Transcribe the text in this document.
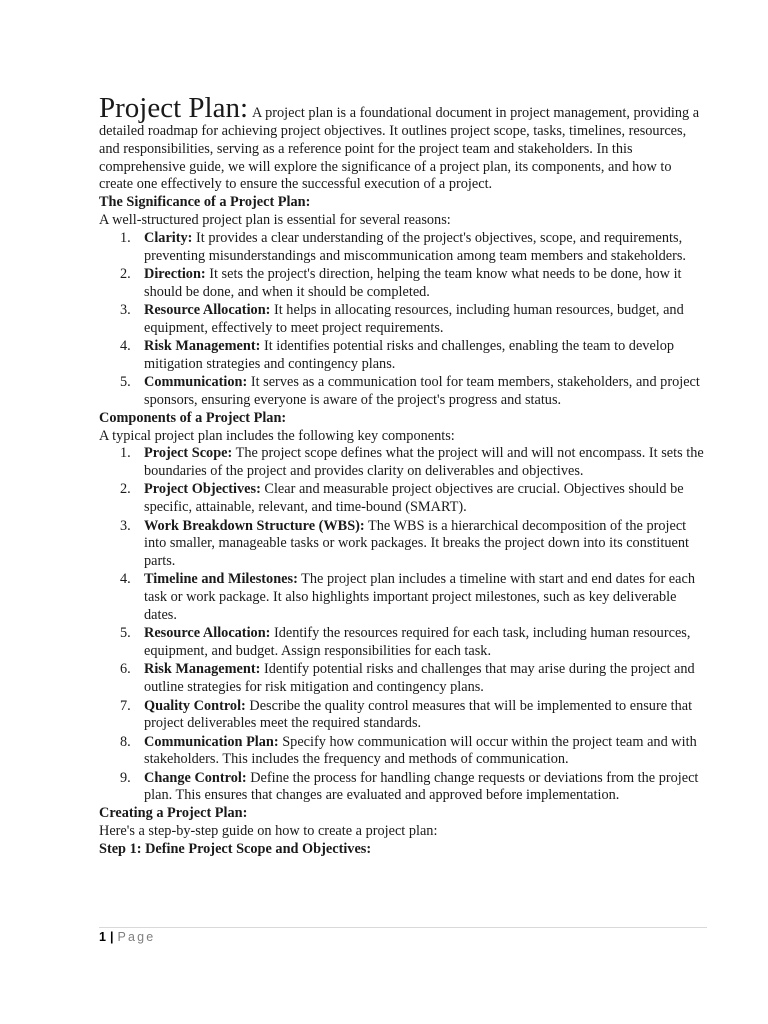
Project Plan: A project plan is a foundational document in project management, providing a detailed roadmap for achieving project objectives. It outlines project scope, tasks, timelines, resources, and responsibilities, serving as a reference point for the project team and stakeholders. In this comprehensive guide, we will explore the significance of a project plan, its components, and how to create one effectively to ensure the successful execution of a project.

The Significance of a Project Plan:

A well-structured project plan is essential for several reasons:

1. Clarity: It provides a clear understanding of the project's objectives, scope, and requirements, preventing misunderstandings and miscommunication among team members and stakeholders.
2. Direction: It sets the project's direction, helping the team know what needs to be done, how it should be done, and when it should be completed.
3. Resource Allocation: It helps in allocating resources, including human resources, budget, and equipment, effectively to meet project requirements.
4. Risk Management: It identifies potential risks and challenges, enabling the team to develop mitigation strategies and contingency plans.
5. Communication: It serves as a communication tool for team members, stakeholders, and project sponsors, ensuring everyone is aware of the project's progress and status.

Components of a Project Plan:

A typical project plan includes the following key components:

1. Project Scope: The project scope defines what the project will and will not encompass. It sets the boundaries of the project and provides clarity on deliverables and objectives.
2. Project Objectives: Clear and measurable project objectives are crucial. Objectives should be specific, attainable, relevant, and time-bound (SMART).
3. Work Breakdown Structure (WBS): The WBS is a hierarchical decomposition of the project into smaller, manageable tasks or work packages. It breaks the project down into its constituent parts.
4. Timeline and Milestones: The project plan includes a timeline with start and end dates for each task or work package. It also highlights important project milestones, such as key deliverable dates.
5. Resource Allocation: Identify the resources required for each task, including human resources, equipment, and budget. Assign responsibilities for each task.
6. Risk Management: Identify potential risks and challenges that may arise during the project and outline strategies for risk mitigation and contingency plans.
7. Quality Control: Describe the quality control measures that will be implemented to ensure that project deliverables meet the required standards.
8. Communication Plan: Specify how communication will occur within the project team and with stakeholders. This includes the frequency and methods of communication.
9. Change Control: Define the process for handling change requests or deviations from the project plan. This ensures that changes are evaluated and approved before implementation.

Creating a Project Plan:

Here's a step-by-step guide on how to create a project plan:

Step 1: Define Project Scope and Objectives:

1 | Page
